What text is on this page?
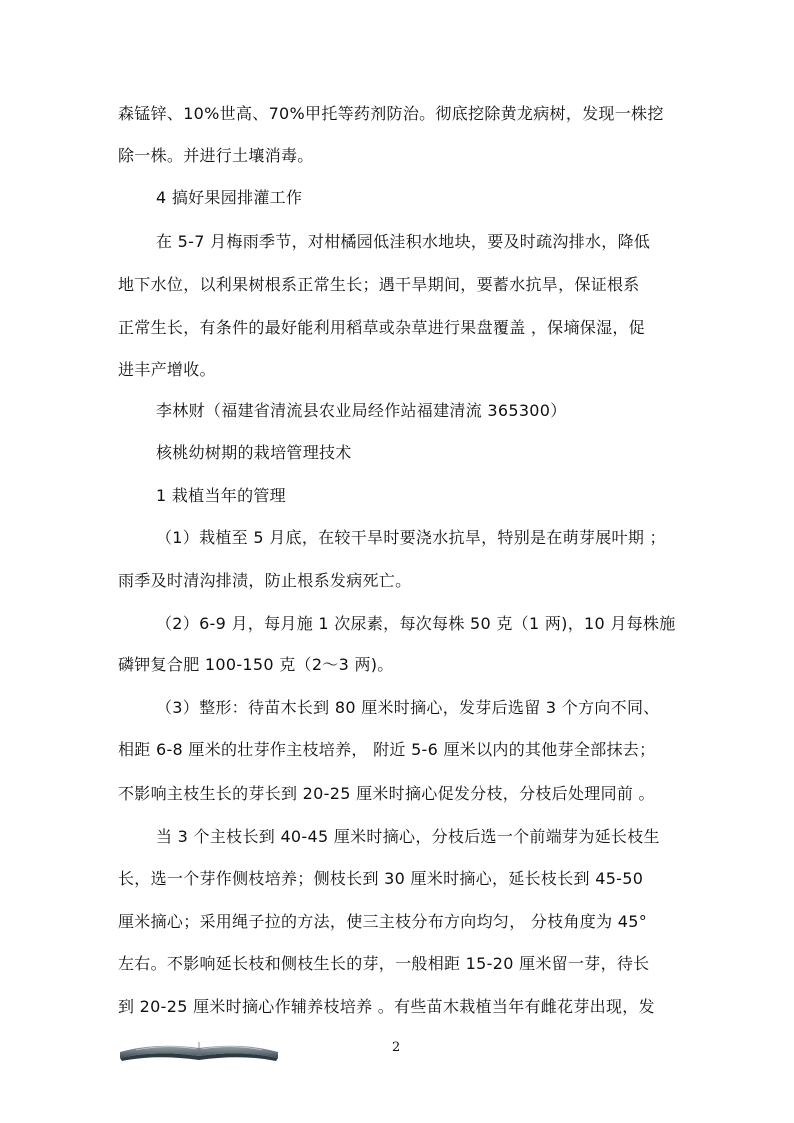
森锰锌、10%世高、70%甲托等药剂防治。彻底挖除黄龙病树，发现一株挖
除一株。并进行土壤消毒。
4 搞好果园排灌工作
在 5-7 月梅雨季节，对柑橘园低洼积水地块，要及时疏沟排水，降低
地下水位，以利果树根系正常生长；遇干旱期间，要蓄水抗旱，保证根系
正常生长，有条件的最好能利用稻草或杂草进行果盘覆盖 ，保墒保湿，促
进丰产增收。
李林财（福建省清流县农业局经作站福建清流 365300）
核桃幼树期的栽培管理技术
1 栽植当年的管理
（1）栽植至 5 月底，在较干旱时要浇水抗旱，特别是在萌芽展叶期 ；
雨季及时清沟排渍，防止根系发病死亡。
（2）6-9 月，每月施 1 次尿素，每次每株 50 克（1 两)，10 月每株施
磷钾复合肥 100-150 克（2～3 两)。
（3）整形：待苗木长到 80 厘米时摘心，发芽后选留 3 个方向不同、
相距 6-8 厘米的壮芽作主枝培养， 附近 5-6 厘米以内的其他芽全部抹去；
不影响主枝生长的芽长到 20-25 厘米时摘心促发分枝，分枝后处理同前 。
当 3 个主枝长到 40-45 厘米时摘心，分枝后选一个前端芽为延长枝生
长，选一个芽作侧枝培养；侧枝长到 30 厘米时摘心，延长枝长到 45-50
厘米摘心；采用绳子拉的方法，使三主枝分布方向均匀， 分枝角度为 45°
左右。不影响延长枝和侧枝生长的芽，一般相距 15-20 厘米留一芽，待长
到 20-25 厘米时摘心作辅养枝培养 。有些苗木栽植当年有雌花芽出现，发
2
